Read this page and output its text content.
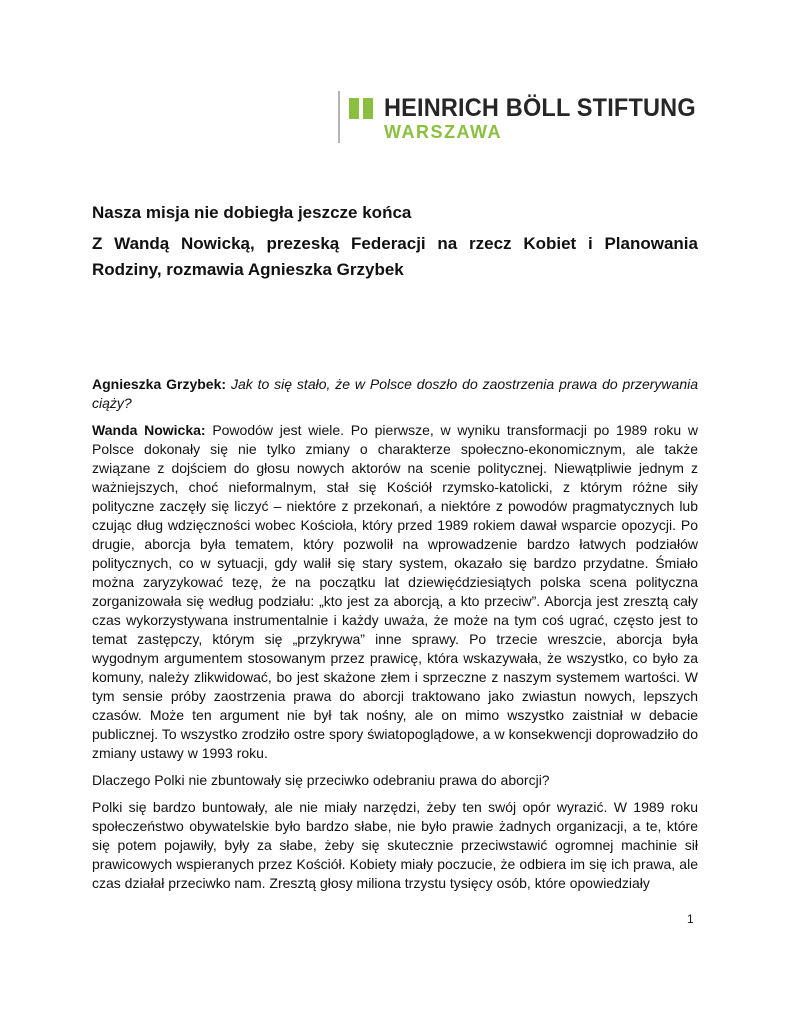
HEINRICH BÖLL STIFTUNG
WARSZAWA
Nasza misja nie dobiegła jeszcze końca
Z Wandą Nowicką, prezeską Federacji na rzecz Kobiet i Planowania Rodziny, rozmawia Agnieszka Grzybek

Agnieszka Grzybek: Jak to się stało, że w Polsce doszło do zaostrzenia prawa do przerywania ciąży?

Wanda Nowicka: Powodów jest wiele. Po pierwsze, w wyniku transformacji po 1989 roku w Polsce dokonały się nie tylko zmiany o charakterze społeczno-ekonomicznym, ale także związane z dojściem do głosu nowych aktorów na scenie politycznej. Niewątpliwie jednym z ważniejszych, choć nieformalnym, stał się Kościół rzymsko-katolicki, z którym różne siły polityczne zaczęły się liczyć – niektóre z przekonań, a niektóre z powodów pragmatycznych lub czując dług wdzięczności wobec Kościoła, który przed 1989 rokiem dawał wsparcie opozycji. Po drugie, aborcja była tematem, który pozwolił na wprowadzenie bardzo łatwych podziałów politycznych, co w sytuacji, gdy walił się stary system, okazało się bardzo przydatne. Śmiało można zaryzykować tezę, że na początku lat dziewięćdziesiątych polska scena polityczna zorganizowała się według podziału: „kto jest za aborcją, a kto przeciw”. Aborcja jest zresztą cały czas wykorzystywana instrumentalnie i każdy uważa, że może na tym coś ugrać, często jest to temat zastępczy, którym się „przykrywa” inne sprawy. Po trzecie wreszcie, aborcja była wygodnym argumentem stosowanym przez prawicę, która wskazywała, że wszystko, co było za komuny, należy zlikwidować, bo jest skażone złem i sprzeczne z naszym systemem wartości. W tym sensie próby zaostrzenia prawa do aborcji traktowano jako zwiastun nowych, lepszych czasów. Może ten argument nie był tak nośny, ale on mimo wszystko zaistniał w debacie publicznej. To wszystko zrodziło ostre spory światopoglądowe, a w konsekwencji doprowadziło do zmiany ustawy w 1993 roku.

Dlaczego Polki nie zbuntowały się przeciwko odebraniu prawa do aborcji?

Polki się bardzo buntowały, ale nie miały narzędzi, żeby ten swój opór wyrazić. W 1989 roku społeczeństwo obywatelskie było bardzo słabe, nie było prawie żadnych organizacji, a te, które się potem pojawiły, były za słabe, żeby się skutecznie przeciwstawić ogromnej machinie sił prawicowych wspieranych przez Kościół. Kobiety miały poczucie, że odbiera im się ich prawa, ale czas działał przeciwko nam. Zresztą głosy miliona trzystu tysięcy osób, które opowiedziały

1
